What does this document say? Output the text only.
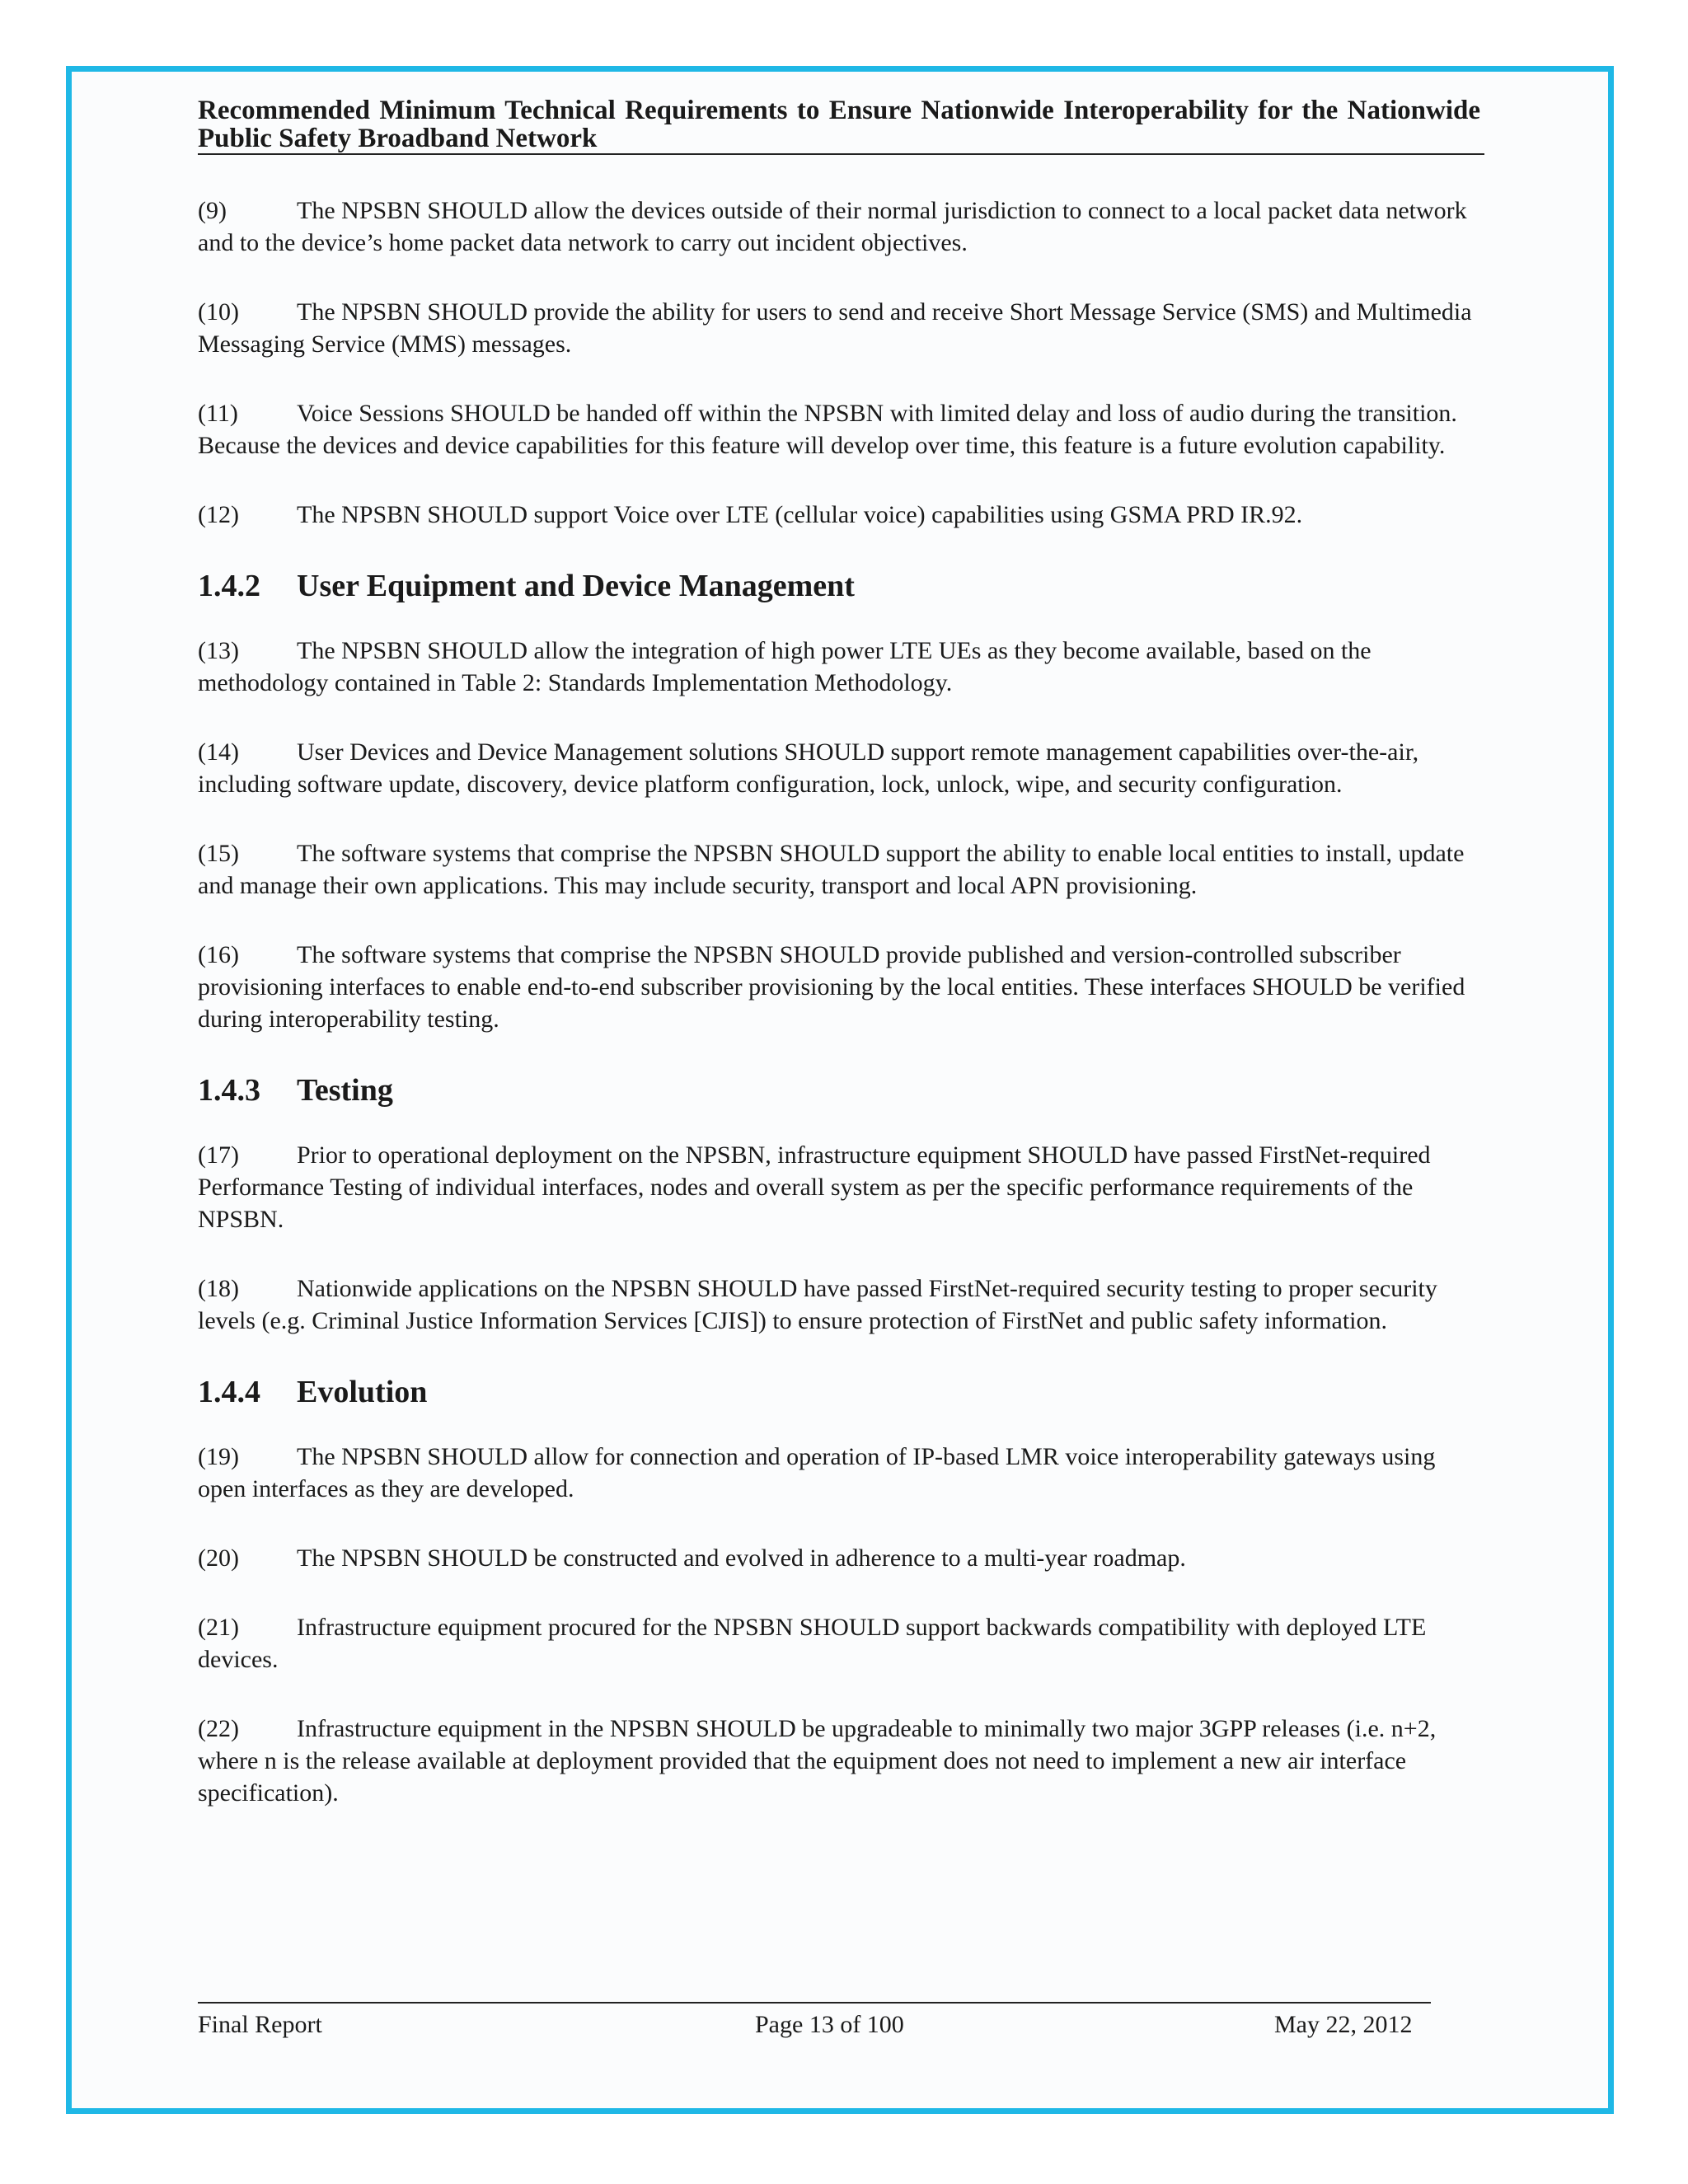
Recommended Minimum Technical Requirements to Ensure Nationwide Interoperability for the Nationwide Public Safety Broadband Network

(9)	The NPSBN SHOULD allow the devices outside of their normal jurisdiction to connect to a local packet data network and to the device’s home packet data network to carry out incident objectives.

(10) The NPSBN SHOULD provide the ability for users to send and receive Short Message Service (SMS) and Multimedia Messaging Service (MMS) messages.

(11) Voice Sessions SHOULD be handed off within the NPSBN with limited delay and loss of audio during the transition. Because the devices and device capabilities for this feature will develop over time, this feature is a future evolution capability.

(12) The NPSBN SHOULD support Voice over LTE (cellular voice) capabilities using GSMA PRD IR.92.

1.4.2 User Equipment and Device Management

(13) The NPSBN SHOULD allow the integration of high power LTE UEs as they become available, based on the methodology contained in Table 2: Standards Implementation Methodology.

(14) User Devices and Device Management solutions SHOULD support remote management capabilities over-the-air, including software update, discovery, device platform configuration, lock, unlock, wipe, and security configuration.

(15) The software systems that comprise the NPSBN SHOULD support the ability to enable local entities to install, update and manage their own applications. This may include security, transport and local APN provisioning.

(16) The software systems that comprise the NPSBN SHOULD provide published and version-controlled subscriber provisioning interfaces to enable end-to-end subscriber provisioning by the local entities. These interfaces SHOULD be verified during interoperability testing.

1.4.3 Testing

(17) Prior to operational deployment on the NPSBN, infrastructure equipment SHOULD have passed FirstNet-required Performance Testing of individual interfaces, nodes and overall system as per the specific performance requirements of the NPSBN.

(18) Nationwide applications on the NPSBN SHOULD have passed FirstNet-required security testing to proper security levels (e.g. Criminal Justice Information Services [CJIS]) to ensure protection of FirstNet and public safety information.

1.4.4 Evolution

(19) The NPSBN SHOULD allow for connection and operation of IP-based LMR voice interoperability gateways using open interfaces as they are developed.

(20) The NPSBN SHOULD be constructed and evolved in adherence to a multi-year roadmap.

(21) Infrastructure equipment procured for the NPSBN SHOULD support backwards compatibility with deployed LTE devices.

(22) Infrastructure equipment in the NPSBN SHOULD be upgradeable to minimally two major 3GPP releases (i.e. n+2, where n is the release available at deployment provided that the equipment does not need to implement a new air interface specification).

Final Report	Page 13 of 100	May 22, 2012
